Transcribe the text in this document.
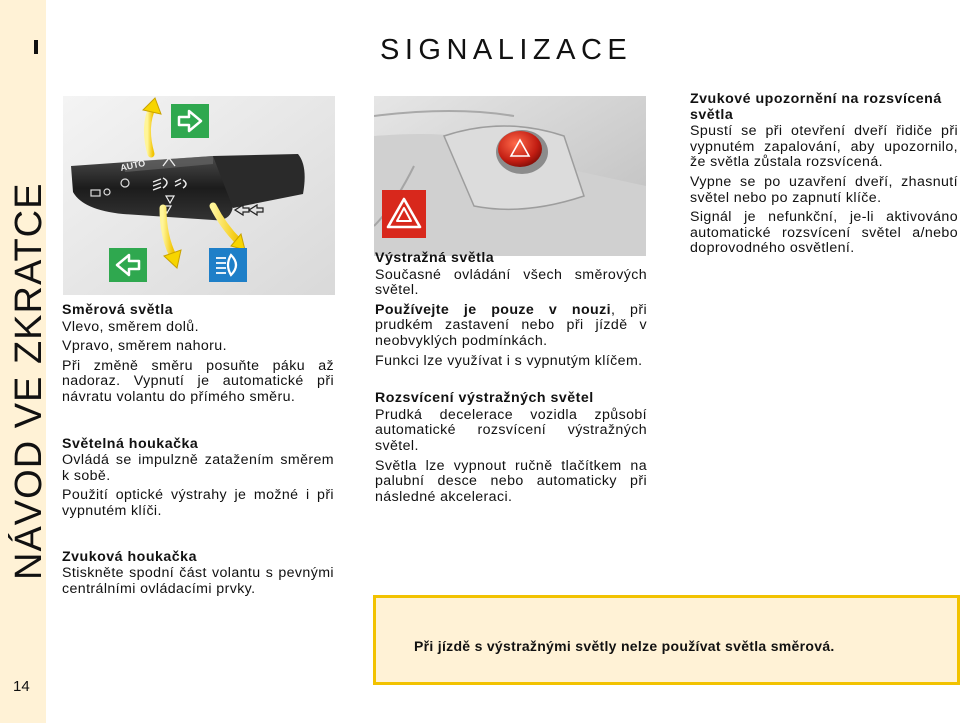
NÁVOD VE ZKRATCE
14
SIGNALIZACE
AUTO
Směrová světla

Vlevo, směrem dolů.

Vpravo, směrem nahoru.

Při změně směru posuňte páku až nadoraz. Vypnutí je automatické při návratu volantu do přímého směru.

Světelná houkačka

Ovládá se impulzně zatažením směrem k sobě.

Použití optické výstrahy je možné i při vypnutém klíči.

Zvuková houkačka

Stiskněte spodní část volantu s pevnými centrálními ovládacími prvky.

Výstražná světla

Současné ovládání všech směrových světel.

Používejte je pouze v nouzi, při prudkém zastavení nebo při jízdě v neobvyklých podmínkách.

Funkci lze využívat i s vypnutým klíčem.

Rozsvícení výstražných světel

Prudká decelerace vozidla způsobí automatické rozsvícení výstražných světel.

Světla lze vypnout ručně tlačítkem na palubní desce nebo automaticky při následné akceleraci.

Zvukové upozornění na rozsvícená světla

Spustí se při otevření dveří řidiče při vypnutém zapalování, aby upozornilo, že světla zůstala rozsvícená.

Vypne se po uzavření dveří, zhasnutí světel nebo po zapnutí klíče.

Signál je nefunkční, je-li aktivováno automatické rozsvícení světel a/nebo doprovodného osvětlení.

Při jízdě s výstražnými světly nelze používat světla směrová.
